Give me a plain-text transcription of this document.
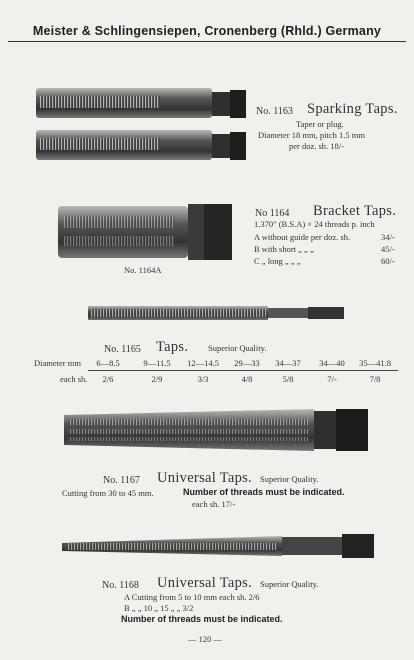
Meister & Schlingensiepen, Cronenberg (Rhld.) Germany
No. 1163 Sparking Taps.
Taper or plug.
Diameter 18 mm, pitch 1.5 mm
per doz. sh. 18/-
No. 1164A
No 1164 Bracket Taps.
1.370" (B.S.A) × 24 threads p. inch
A without guide per doz. sh.	34/-
B with short „ „ „	45/-
C „ long „ „ „	60/-
No. 1165 Taps. Superior Quality.
Diameter mm	6—8.5	9—11.5	12—14.5	29—33	34—37	34—40	35—41.8
each sh.	2/6	2/9	3/3	4/8	5/8	7/-	7/8
No. 1167 Universal Taps. Superior Quality.
Cutting from 30 to 45 mm.	Number of threads must be indicated.
each sh. 17/-
No. 1168 Universal Taps. Superior Quality.
A Cutting from 5 to 10 mm each sh. 2/6
B „ „ 10 „ 15 „ „ 3/2
Number of threads must be indicated.
— 120 —
